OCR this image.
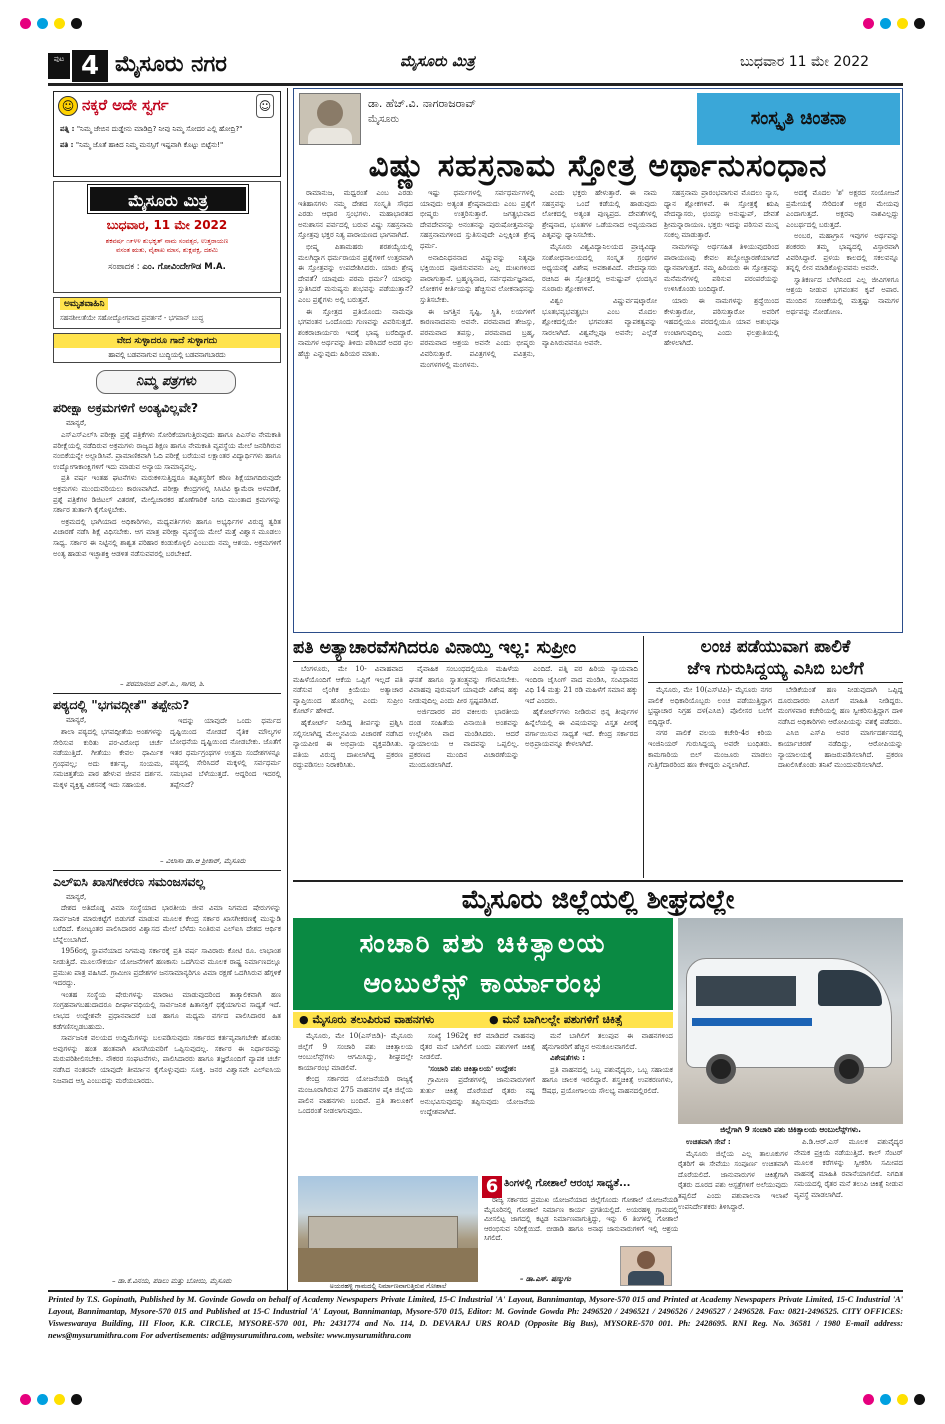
ಪುಟ 4 ಮೈಸೂರು ನಗರ	ಮೈಸೂರು ಮಿತ್ರ	ಬುಧವಾರ 11 ಮೇ 2022
☺ ನಕ್ಕರೆ ಅದೇ ಸ್ವರ್ಗ	☺
ಪತ್ನಿ : "ನಿಮ್ಮ ಜೇಬಿನ ದುಡ್ಡೇನು ಮಾಡಿದ್ರಿ? ನೀವು ನಿಮ್ಮ ಸೋದರ ಎಲ್ಲಿ ಹೋದ್ರಿ?"
ಪತಿ : "ನಿಮ್ಮ ಜೊತೆ ಹಾಕಿದ ನಿಮ್ಮ ಮನಸ್ಸಿಗೆ ಇಷ್ಟವಾಗಿ ಕೊಟ್ಟು ಬಿಟ್ಟೆನು!"
ಮೈಸೂರು ಮಿತ್ರ
ಬುಧವಾರ, 11 ಮೇ 2022
ಶಕವರ್ಷ ೧೯೪೪ ಶುಭಕೃತ್ ನಾಮ ಸಂವತ್ಸರ, ಉತ್ತರಾಯಣ
ವಸಂತ ಋತು, ವೈಶಾಖ ಮಾಸ, ಶುಕ್ಲಪಕ್ಷ, ದಶಮಿ
ಸಂಪಾದಕ : ಎಂ. ಗೋವಿಂದೇಗೌಡ M.A.
ಅಮೃತವಾಹಿನಿ
ಸಹನಶೀಲತೆಯೇ ಸಹೋದ್ಯೋಗವಾದ ಪ್ರವರ್ತನೆ - ಭಗವಾನ್ ಬುದ್ಧ
ವೇದ ಸುಳ್ಳಾದರೂ ಗಾದೆ ಸುಳ್ಳಾಗದು
ಹಾವಲ್ಲಿ ಬಡವನಾಗುವ ಬುದ್ಧಿಯಲ್ಲಿ ಬಡವನಾಗಬಾರದು
ನಿಮ್ಮ ಪತ್ರಗಳು
ಪರೀಕ್ಷಾ ಅಕ್ರಮಗಳಿಗೆ ಅಂತ್ಯವಿಲ್ಲವೇ?
ಮಾನ್ಯರೆ,

ಎಸ್ಎಸ್ಎಲ್‌ಸಿ ಪರೀಕ್ಷಾ ಪ್ರಶ್ನೆ ಪತ್ರಿಕೆಗಳು ಸೋರಿಕೆಯಾಗುತ್ತಿರುವುದು ಹಾಗೂ ಪಿಎಸ್‌ಐ ನೇಮಕಾತಿ ಪರೀಕ್ಷೆಯಲ್ಲಿ ನಡೆದಿರುವ ಅಕ್ರಮಗಳು ರಾಜ್ಯದ ಶಿಕ್ಷಣ ಹಾಗೂ ನೇಮಕಾತಿ ವ್ಯವಸ್ಥೆಯ ಮೇಲೆ ಜನರಿಗಿರುವ ನಂಬಿಕೆಯನ್ನೇ ಅಲ್ಲಾಡಿಸಿವೆ. ಪ್ರಾಮಾಣಿಕವಾಗಿ ಓದಿ ಪರೀಕ್ಷೆ ಬರೆಯುವ ಲಕ್ಷಾಂತರ ವಿದ್ಯಾರ್ಥಿಗಳು ಹಾಗೂ ಉದ್ಯೋಗಾಕಾಂಕ್ಷಿಗಳಿಗೆ ಇದು ಮಾಡುವ ಅನ್ಯಾಯ ಸಾಮಾನ್ಯವಲ್ಲ.

ಪ್ರತಿ ವರ್ಷ ಇಂತಹ ಘಟನೆಗಳು ಮರುಕಳಿಸುತ್ತಿದ್ದರೂ ತಪ್ಪಿತಸ್ಥರಿಗೆ ಕಠಿಣ ಶಿಕ್ಷೆಯಾಗದಿರುವುದೇ ಅಕ್ರಮಗಳು ಮುಂದುವರಿಯಲು ಕಾರಣವಾಗಿದೆ. ಪರೀಕ್ಷಾ ಕೇಂದ್ರಗಳಲ್ಲಿ ಸಿಸಿಟಿವಿ ಕ್ಯಾಮೆರಾ ಅಳವಡಿಕೆ, ಪ್ರಶ್ನೆ ಪತ್ರಿಕೆಗಳ ಡಿಜಿಟಲ್ ವಿತರಣೆ, ಮೇಲ್ವಿಚಾರಕರ ಹೊಣೆಗಾರಿಕೆ ನಿಗದಿ ಮುಂತಾದ ಕ್ರಮಗಳನ್ನು ಸರ್ಕಾರ ತುರ್ತಾಗಿ ಕೈಗೊಳ್ಳಬೇಕು.

ಅಕ್ರಮದಲ್ಲಿ ಭಾಗಿಯಾದ ಅಧಿಕಾರಿಗಳು, ಮಧ್ಯವರ್ತಿಗಳು ಹಾಗೂ ಅಭ್ಯರ್ಥಿಗಳ ವಿರುದ್ಧ ತ್ವರಿತ ವಿಚಾರಣೆ ನಡೆಸಿ ಶಿಕ್ಷೆ ವಿಧಿಸಬೇಕು. ಆಗ ಮಾತ್ರ ಪರೀಕ್ಷಾ ವ್ಯವಸ್ಥೆಯ ಮೇಲೆ ಮತ್ತೆ ವಿಶ್ವಾಸ ಮೂಡಲು ಸಾಧ್ಯ. ಸರ್ಕಾರ ಈ ನಿಟ್ಟಿನಲ್ಲಿ ಶಾಶ್ವತ ಪರಿಹಾರ ಕಂಡುಕೊಳ್ಳಲಿ ಎಂಬುದು ನಮ್ಮ ಆಶಯ. ಅಕ್ರಮಗಳಿಗೆ ಅಂತ್ಯ ಹಾಡುವ ಇಚ್ಛಾಶಕ್ತಿ ಆಡಳಿತ ನಡೆಸುವವರಲ್ಲಿ ಬರಬೇಕಿದೆ.

– ಪರಮಾನಂದ ಎನ್.ಪಿ., ಸಾಗರ, ಶಿ.
ಪಠ್ಯದಲ್ಲಿ "ಭಗವದ್ಗೀತೆ" ತಪ್ಪೇನು?
ಮಾನ್ಯರೆ,

ಶಾಲಾ ಪಠ್ಯದಲ್ಲಿ ಭಗವದ್ಗೀತೆಯ ಅಂಶಗಳನ್ನು ಸೇರಿಸುವ ಕುರಿತು ಪರ-ವಿರೋಧ ಚರ್ಚೆ ನಡೆಯುತ್ತಿದೆ. ಗೀತೆಯು ಕೇವಲ ಧಾರ್ಮಿಕ ಗ್ರಂಥವಲ್ಲ; ಅದು ಕರ್ತವ್ಯ, ಸಂಯಮ, ಸಮಚಿತ್ತತೆಯ ಪಾಠ ಹೇಳುವ ಜೀವನ ದರ್ಶನ. ಮಕ್ಕಳ ವ್ಯಕ್ತಿತ್ವ ವಿಕಸನಕ್ಕೆ ಇದು ಸಹಾಯಕ.

ಇದನ್ನು ಯಾವುದೇ ಒಂದು ಧರ್ಮದ ದೃಷ್ಟಿಯಿಂದ ನೋಡದೆ ನೈತಿಕ ಮೌಲ್ಯಗಳ ಬೋಧನೆಯ ದೃಷ್ಟಿಯಿಂದ ನೋಡಬೇಕು. ಜೊತೆಗೆ ಇತರ ಧರ್ಮಗ್ರಂಥಗಳ ಉತ್ತಮ ಸಂದೇಶಗಳನ್ನೂ ಪಠ್ಯದಲ್ಲಿ ಸೇರಿಸಿದರೆ ಮಕ್ಕಳಲ್ಲಿ ಸರ್ವಧರ್ಮ ಸಮಭಾವ ಬೆಳೆಯುತ್ತದೆ. ಆದ್ದರಿಂದ ಇದರಲ್ಲಿ ತಪ್ಪೇನಿದೆ?

– ವಿಲಾಸಾ ಡಾ.ಆ ಶ್ರೀಕಾರ್, ಮೈಸೂರು
ಎಲ್ಐಸಿ ಖಾಸಗೀಕರಣ ಸಮಂಜಸವಲ್ಲ
ಮಾನ್ಯರೆ,

ದೇಶದ ಅತಿದೊಡ್ಡ ವಿಮಾ ಸಂಸ್ಥೆಯಾದ ಭಾರತೀಯ ಜೀವ ವಿಮಾ ನಿಗಮದ ಷೇರುಗಳನ್ನು ಸಾರ್ವಜನಿಕ ಮಾರುಕಟ್ಟೆಗೆ ಬಿಡುಗಡೆ ಮಾಡುವ ಮೂಲಕ ಕೇಂದ್ರ ಸರ್ಕಾರ ಖಾಸಗೀಕರಣಕ್ಕೆ ಮುನ್ನುಡಿ ಬರೆದಿದೆ. ಕೋಟ್ಯಂತರ ಪಾಲಿಸಿದಾರರ ವಿಶ್ವಾಸದ ಮೇಲೆ ಬೆಳೆದು ನಿಂತಿರುವ ಎಲ್ಐಸಿ ದೇಶದ ಆರ್ಥಿಕ ಬೆನ್ನೆಲುಬಾಗಿದೆ.

1956ರಲ್ಲಿ ಸ್ಥಾಪನೆಯಾದ ನಿಗಮವು ಸರ್ಕಾರಕ್ಕೆ ಪ್ರತಿ ವರ್ಷ ಸಾವಿರಾರು ಕೋಟಿ ರೂ. ಲಾಭಾಂಶ ನೀಡುತ್ತಿದೆ. ಮೂಲಸೌಕರ್ಯ ಯೋಜನೆಗಳಿಗೆ ಹಣಕಾಸು ಒದಗಿಸುವ ಮೂಲಕ ರಾಷ್ಟ್ರ ನಿರ್ಮಾಣದಲ್ಲೂ ಪ್ರಮುಖ ಪಾತ್ರ ವಹಿಸಿದೆ. ಗ್ರಾಮೀಣ ಪ್ರದೇಶಗಳ ಜನಸಾಮಾನ್ಯರಿಗೂ ವಿಮಾ ರಕ್ಷಣೆ ಒದಗಿಸಿರುವ ಹೆಗ್ಗಳಿಕೆ ಇದರದ್ದು.

ಇಂತಹ ಸಂಸ್ಥೆಯ ಷೇರುಗಳನ್ನು ಮಾರಾಟ ಮಾಡುವುದರಿಂದ ತಾತ್ಕಾಲಿಕವಾಗಿ ಹಣ ಸಂಗ್ರಹವಾಗಬಹುದಾದರೂ ದೀರ್ಘಾವಧಿಯಲ್ಲಿ ಸಾರ್ವಜನಿಕ ಹಿತಾಸಕ್ತಿಗೆ ಧಕ್ಕೆಯಾಗುವ ಸಾಧ್ಯತೆ ಇದೆ. ಲಾಭದ ಉದ್ದೇಶವೇ ಪ್ರಧಾನವಾದರೆ ಬಡ ಹಾಗೂ ಮಧ್ಯಮ ವರ್ಗದ ಪಾಲಿಸಿದಾರರ ಹಿತ ಕಡೆಗಣಿಸಲ್ಪಡಬಹುದು.

ಸಾರ್ವಜನಿಕ ವಲಯದ ಉದ್ದಿಮೆಗಳನ್ನು ಬಲಪಡಿಸುವುದು ಸರ್ಕಾರದ ಕರ್ತವ್ಯವಾಗಬೇಕೇ ಹೊರತು ಅವುಗಳನ್ನು ಹಂತ ಹಂತವಾಗಿ ಖಾಸಗಿಯವರಿಗೆ ಒಪ್ಪಿಸುವುದಲ್ಲ. ಸರ್ಕಾರ ಈ ನಿರ್ಧಾರವನ್ನು ಮರುಪರಿಶೀಲಿಸಬೇಕು. ನೌಕರರ ಸಂಘಟನೆಗಳು, ಪಾಲಿಸಿದಾರರು ಹಾಗೂ ತಜ್ಞರೊಂದಿಗೆ ವ್ಯಾಪಕ ಚರ್ಚೆ ನಡೆಸಿದ ನಂತರವೇ ಯಾವುದೇ ತೀರ್ಮಾನ ಕೈಗೊಳ್ಳುವುದು ಸೂಕ್ತ. ಜನರ ವಿಶ್ವಾಸವೇ ಎಲ್ಐಸಿಯ ನಿಜವಾದ ಆಸ್ತಿ ಎಂಬುದನ್ನು ಮರೆಯಬಾರದು.

– ಡಾ.ಕೆ.ವಿನಯ, ಪಡಿಲು ಮತ್ತು ಬೋಯಿ, ಮೈಸೂರು
ಡಾ. ಹೆಚ್.ವಿ. ನಾಗರಾಜರಾವ್
ಮೈಸೂರು	ಸಂಸ್ಕೃತಿ ಚಿಂತನಾ
ವಿಷ್ಣು ಸಹಸ್ರನಾಮ ಸ್ತೋತ್ರ ಅರ್ಥಾನುಸಂಧಾನ

ರಾಮಾನುಜ, ಮಧ್ವರಂತೆ ಎಂಬ ಎರಡು ಇತಿಹಾಸಗಳು ನಮ್ಮ ದೇಶದ ಸಂಸ್ಕೃತಿ ಸೌಧದ ಎರಡು ಆಧಾರ ಸ್ತಂಭಗಳು. ಮಹಾಭಾರತದ ಅನುಶಾಸನ ಪರ್ವದಲ್ಲಿ ಬರುವ ವಿಷ್ಣು ಸಹಸ್ರನಾಮ ಸ್ತೋತ್ರವು ಭಕ್ತರ ನಿತ್ಯ ಪಾರಾಯಣದ ಭಾಗವಾಗಿದೆ.

ಭೀಷ್ಮ ಪಿತಾಮಹರು ಶರಶಯ್ಯೆಯಲ್ಲಿ ಮಲಗಿದ್ದಾಗ ಧರ್ಮರಾಯನ ಪ್ರಶ್ನೆಗಳಿಗೆ ಉತ್ತರವಾಗಿ ಈ ಸ್ತೋತ್ರವನ್ನು ಉಪದೇಶಿಸಿದರು. ಯಾರು ಶ್ರೇಷ್ಠ ದೇವತೆ? ಯಾವುದು ಪರಮ ಧರ್ಮ? ಯಾರನ್ನು ಸ್ತುತಿಸಿದರೆ ಮನುಷ್ಯನು ಶುಭವನ್ನು ಪಡೆಯುತ್ತಾನೆ? ಎಂಬ ಪ್ರಶ್ನೆಗಳು ಅಲ್ಲಿ ಬರುತ್ತವೆ.

ಈ ಸ್ತೋತ್ರದ ಪ್ರತಿಯೊಂದು ನಾಮವೂ ಭಗವಂತನ ಒಂದೊಂದು ಗುಣವನ್ನು ವಿವರಿಸುತ್ತದೆ. ಶಂಕರಾಚಾರ್ಯರು ಇದಕ್ಕೆ ಭಾಷ್ಯ ಬರೆದಿದ್ದಾರೆ. ನಾಮಗಳ ಅರ್ಥವನ್ನು ತಿಳಿದು ಪಠಿಸಿದರೆ ಅದರ ಫಲ ಹೆಚ್ಚು ಎನ್ನುವುದು ಹಿರಿಯರ ಮಾತು.

ಇಷ್ಟು ಧರ್ಮಗಳಲ್ಲಿ ಸರ್ವಧರ್ಮಗಳಲ್ಲಿ ಯಾವುದು ಅತ್ಯಂತ ಶ್ರೇಷ್ಠವಾದುದು ಎಂಬ ಪ್ರಶ್ನೆಗೆ ಭೀಷ್ಮರು ಉತ್ತರಿಸುತ್ತಾರೆ. ಜಗತ್ಪ್ರಭುವಾದ ದೇವದೇವನನ್ನು ಅನಂತನನ್ನು ಪುರುಷೋತ್ತಮನನ್ನು ಸಹಸ್ರನಾಮಗಳಿಂದ ಸ್ತುತಿಸುವುದೇ ಎಲ್ಲಕ್ಕಿಂತ ಶ್ರೇಷ್ಠ ಧರ್ಮ.

ಅನಾದಿನಿಧನನಾದ ವಿಷ್ಣುವನ್ನು ನಿತ್ಯವೂ ಭಕ್ತಿಯಿಂದ ಪೂಜಿಸುವವನು ಎಲ್ಲ ದುಃಖಗಳಿಂದ ಪಾರಾಗುತ್ತಾನೆ. ಬ್ರಹ್ಮಣ್ಯನಾದ, ಸರ್ವಧರ್ಮಜ್ಞನಾದ, ಲೋಕಗಳ ಕೀರ್ತಿಯನ್ನು ಹೆಚ್ಚಿಸುವ ಲೋಕನಾಥನನ್ನು ಸ್ತುತಿಸಬೇಕು.

ಈ ಜಗತ್ತಿನ ಸೃಷ್ಟಿ, ಸ್ಥಿತಿ, ಲಯಗಳಿಗೆ ಕಾರಣನಾದವನು ಅವನೇ. ಪರಮವಾದ ತೇಜಸ್ಸು, ಪರಮವಾದ ತಪಸ್ಸು, ಪರಮವಾದ ಬ್ರಹ್ಮ, ಪರಮವಾದ ಆಶ್ರಯ ಅವನೇ ಎಂದು ಭೀಷ್ಮರು ವಿವರಿಸುತ್ತಾರೆ. ಪವಿತ್ರಗಳಲ್ಲಿ ಪವಿತ್ರನು, ಮಂಗಳಗಳಲ್ಲಿ ಮಂಗಳನು.

ಎಂದು ಭಕ್ತರು ಹೇಳುತ್ತಾರೆ. ಈ ನಾಮ ಸಹಸ್ರವನ್ನು ಒಂದೆ ಕಡೆಯಲ್ಲಿ ಹಾಡುವುದು ಲೋಕದಲ್ಲಿ ಅತ್ಯಂತ ಪುಣ್ಯಪ್ರದ. ದೇವತೆಗಳಲ್ಲಿ ಶ್ರೇಷ್ಠನಾದ, ಭೂತಗಳ ಒಡೆಯನಾದ ಅವ್ಯಯನಾದ ಪಿತೃವನ್ನು ಧ್ಯಾನಿಸಬೇಕು.

ಮೈಸೂರು ವಿಶ್ವವಿದ್ಯಾನಿಲಯದ ಪ್ರಾಚ್ಯವಿದ್ಯಾ ಸಂಶೋಧನಾಲಯದಲ್ಲಿ ಸಂಸ್ಕೃತ ಗ್ರಂಥಗಳ ಅಧ್ಯಯನಕ್ಕೆ ವಿಶೇಷ ಅವಕಾಶವಿದೆ. ವೇದವ್ಯಾಸರು ರಚಿಸಿದ ಈ ಸ್ತೋತ್ರದಲ್ಲಿ ಅನುಷ್ಟುಪ್ ಛಂದಸ್ಸಿನ ನೂರಾರು ಶ್ಲೋಕಗಳಿವೆ.

ವಿಶ್ವಂ ವಿಷ್ಣುರ್ವಷಟ್ಕಾರೋ ಭೂತಭವ್ಯಭವತ್ಪ್ರಭುಃ ಎಂಬ ಮೊದಲ ಶ್ಲೋಕದಲ್ಲಿಯೇ ಭಗವಂತನ ವ್ಯಾಪಕತ್ವವನ್ನು ಸಾರಲಾಗಿದೆ. ವಿಶ್ವವೆಲ್ಲವೂ ಅವನೇ; ಎಲ್ಲೆಡೆ ವ್ಯಾಪಿಸಿರುವವನೂ ಅವನೇ.

ಸಹಸ್ರನಾಮ ಪ್ರಾರಂಭವಾಗುವ ಮೊದಲು ನ್ಯಾಸ, ಧ್ಯಾನ ಶ್ಲೋಕಗಳಿವೆ. ಈ ಸ್ತೋತ್ರಕ್ಕೆ ಋಷಿ ವೇದವ್ಯಾಸರು, ಛಂದಸ್ಸು ಅನುಷ್ಟುಪ್, ದೇವತೆ ಶ್ರೀಮನ್ನಾರಾಯಣ. ಭಕ್ತರು ಇದನ್ನು ಪಠಿಸುವ ಮುನ್ನ ಸಂಕಲ್ಪ ಮಾಡುತ್ತಾರೆ.

ನಾಮಗಳನ್ನು ಅರ್ಥಸಹಿತ ತಿಳಿಯುವುದರಿಂದ ಪಾರಾಯಣವು ಕೇವಲ ಶಬ್ದೋಚ್ಚಾರಣೆಯಾಗದೆ ಧ್ಯಾನವಾಗುತ್ತದೆ. ನಮ್ಮ ಹಿರಿಯರು ಈ ಸ್ತೋತ್ರವನ್ನು ಮನೆಮನೆಗಳಲ್ಲಿ ಪಠಿಸುವ ಪರಂಪರೆಯನ್ನು ಉಳಿಸಿಕೊಂಡು ಬಂದಿದ್ದಾರೆ.

ಯಾರು ಈ ನಾಮಗಳನ್ನು ಶ್ರದ್ಧೆಯಿಂದ ಕೇಳುತ್ತಾರೋ, ಪಠಿಸುತ್ತಾರೋ ಅವರಿಗೆ ಇಹದಲ್ಲಿಯೂ ಪರದಲ್ಲಿಯೂ ಯಾವ ಅಶುಭವೂ ಉಂಟಾಗುವುದಿಲ್ಲ ಎಂದು ಫಲಶ್ರುತಿಯಲ್ಲಿ ಹೇಳಲಾಗಿದೆ.

ಅದಕ್ಕೆ ಮೊದಲ 'ಶ' ಅಕ್ಷರದ ಸಂಯೋಜನೆ ಪ್ರಮೇಯಕ್ಕೆ ಸೇರಿದಂತೆ ಅಕ್ಷರ ಮೇಯವು ಎಂದಾಗುತ್ತದೆ. ಅಕ್ಷರವು ನಾಶವಿಲ್ಲದ್ದು ಎಂಬರ್ಥದಲ್ಲಿ ಬರುತ್ತದೆ.

ಅಂಬರ, ಮಹಾಗ್ರಾಸ ಇವುಗಳ ಅರ್ಥವನ್ನು ಶಂಕರರು ತಮ್ಮ ಭಾಷ್ಯದಲ್ಲಿ ವಿಸ್ತಾರವಾಗಿ ವಿವರಿಸಿದ್ದಾರೆ. ಪ್ರಳಯ ಕಾಲದಲ್ಲಿ ಸಕಲವನ್ನೂ ತನ್ನಲ್ಲಿ ಲೀನ ಮಾಡಿಕೊಳ್ಳುವವನು ಅವನೇ.

ಸ್ವಾತಿಕರ್ಣದ ಬೆಳಗಿನಿಂದ ಎಲ್ಲ ಜೀವಿಗಳಿಗೂ ಆಶ್ರಯ ನೀಡುವ ಭಗವಂತನ ಕೃಪೆ ಅಪಾರ. ಮುಂದಿನ ಸಂಚಿಕೆಯಲ್ಲಿ ಮತ್ತಷ್ಟು ನಾಮಗಳ ಅರ್ಥವನ್ನು ನೋಡೋಣ.

ಪತಿ ಅತ್ಯಾಚಾರವೆಸಗಿದರೂ ವಿನಾಯ್ತಿ ಇಲ್ಲ: ಸುಪ್ರೀಂ

ಬೆಂಗಳೂರು, ಮೇ 10- ವಿವಾಹವಾದ ಮಹಿಳೆಯೊಂದಿಗೆ ಆಕೆಯ ಒಪ್ಪಿಗೆ ಇಲ್ಲದೆ ಪತಿ ನಡೆಸುವ ಲೈಂಗಿಕ ಕ್ರಿಯೆಯು ಅತ್ಯಾಚಾರ ವ್ಯಾಪ್ತಿಯಿಂದ ಹೊರಗಿಲ್ಲ ಎಂದು ಸುಪ್ರೀಂ ಕೋರ್ಟ್ ಹೇಳಿದೆ.

ಹೈಕೋರ್ಟ್ ನೀಡಿದ್ದ ತೀರ್ಪನ್ನು ಪ್ರಶ್ನಿಸಿ ಸಲ್ಲಿಸಲಾಗಿದ್ದ ಮೇಲ್ಮನವಿಯ ವಿಚಾರಣೆ ನಡೆಸಿದ ನ್ಯಾಯಪೀಠ ಈ ಅಭಿಪ್ರಾಯ ವ್ಯಕ್ತಪಡಿಸಿತು. ಪತಿಯ ವಿರುದ್ಧ ದಾಖಲಾಗಿದ್ದ ಪ್ರಕರಣ ರದ್ದುಪಡಿಸಲು ನಿರಾಕರಿಸಿತು.

ವೈವಾಹಿಕ ಸಂಬಂಧದಲ್ಲಿಯೂ ಮಹಿಳೆಯ ಘನತೆ ಹಾಗೂ ಸ್ವಾತಂತ್ರ್ಯವನ್ನು ಗೌರವಿಸಬೇಕು. ವಿವಾಹವು ಪುರುಷನಿಗೆ ಯಾವುದೇ ವಿಶೇಷ ಹಕ್ಕು ನೀಡುವುದಿಲ್ಲ ಎಂದು ಪೀಠ ಸ್ಪಷ್ಟಪಡಿಸಿದೆ.

ಅರ್ಜಿದಾರರ ಪರ ವಕೀಲರು ಭಾರತೀಯ ದಂಡ ಸಂಹಿತೆಯ ವಿನಾಯಿತಿ ಅಂಶವನ್ನು ಉಲ್ಲೇಖಿಸಿ ವಾದ ಮಂಡಿಸಿದರು. ಆದರೆ ನ್ಯಾಯಾಲಯ ಆ ವಾದವನ್ನು ಒಪ್ಪಲಿಲ್ಲ. ಪ್ರಕರಣದ ಮುಂದಿನ ವಿಚಾರಣೆಯನ್ನು ಮುಂದೂಡಲಾಗಿದೆ.

ಎಂದಿದೆ. ಪತ್ನಿ ಪರ ಹಿರಿಯ ನ್ಯಾಯವಾದಿ ಇಂದಿರಾ ಜೈಸಿಂಗ್ ವಾದ ಮಂಡಿಸಿ, ಸಂವಿಧಾನದ ವಿಧಿ 14 ಮತ್ತು 21 ರಡಿ ಮಹಿಳೆಗೆ ಸಮಾನ ಹಕ್ಕು ಇದೆ ಎಂದರು.

ಹೈಕೋರ್ಟ್‌ಗಳು ನೀಡಿರುವ ಭಿನ್ನ ತೀರ್ಪುಗಳ ಹಿನ್ನೆಲೆಯಲ್ಲಿ ಈ ವಿಷಯವನ್ನು ವಿಸ್ತೃತ ಪೀಠಕ್ಕೆ ವರ್ಗಾಯಿಸುವ ಸಾಧ್ಯತೆ ಇದೆ. ಕೇಂದ್ರ ಸರ್ಕಾರದ ಅಭಿಪ್ರಾಯವನ್ನೂ ಕೇಳಲಾಗಿದೆ.

ಲಂಚ ಪಡೆಯುವಾಗ ಪಾಲಿಕೆ
ಜೆಇ ಗುರುಸಿದ್ದಯ್ಯ ಎಸಿಬಿ ಬಲೆಗೆ

ಮೈಸೂರು, ಮೇ 10(ಎಸ್‌ಟಿಪಿ)- ಮೈಸೂರು ನಗರ ಪಾಲಿಕೆ ಅಧಿಕಾರಿಯೊಬ್ಬರು ಲಂಚ ಪಡೆಯುತ್ತಿದ್ದಾಗ ಭ್ರಷ್ಟಾಚಾರ ನಿಗ್ರಹ ದಳ(ಎಸಿಬಿ) ಪೊಲೀಸರ ಬಲೆಗೆ ಬಿದ್ದಿದ್ದಾರೆ.

ನಗರ ಪಾಲಿಕೆ ವಲಯ ಕಚೇರಿ-4ರ ಕಿರಿಯ ಇಂಜಿನಿಯರ್ ಗುರುಸಿದ್ದಯ್ಯ ಅವರೇ ಬಂಧಿತರು. ಕಾಮಗಾರಿಯ ಬಿಲ್ ಮಂಜೂರು ಮಾಡಲು ಗುತ್ತಿಗೆದಾರರಿಂದ ಹಣ ಕೇಳಿದ್ದರು ಎನ್ನಲಾಗಿದೆ.

ಬೇಡಿಕೆಯಂತೆ ಹಣ ನೀಡುವುದಾಗಿ ಒಪ್ಪಿದ್ದ ದೂರುದಾರರು ಎಸಿಬಿಗೆ ಮಾಹಿತಿ ನೀಡಿದ್ದರು. ಮಂಗಳವಾರ ಕಚೇರಿಯಲ್ಲಿ ಹಣ ಸ್ವೀಕರಿಸುತ್ತಿದ್ದಾಗ ದಾಳಿ ನಡೆಸಿದ ಅಧಿಕಾರಿಗಳು ಆರೋಪಿಯನ್ನು ವಶಕ್ಕೆ ಪಡೆದರು.

ಎಸಿಬಿ ಎಸ್‌ಪಿ ಅವರ ಮಾರ್ಗದರ್ಶನದಲ್ಲಿ ಕಾರ್ಯಾಚರಣೆ ನಡೆದಿದ್ದು, ಆರೋಪಿಯನ್ನು ನ್ಯಾಯಾಲಯಕ್ಕೆ ಹಾಜರುಪಡಿಸಲಾಗಿದೆ. ಪ್ರಕರಣ ದಾಖಲಿಸಿಕೊಂಡು ತನಿಖೆ ಮುಂದುವರಿಸಲಾಗಿದೆ.

ಮೈಸೂರು ಜಿಲ್ಲೆಯಲ್ಲಿ ಶೀಘ್ರದಲ್ಲೇ
ಸಂಚಾರಿ ಪಶು ಚಿಕಿತ್ಸಾಲಯ
ಆಂಬುಲೆನ್ಸ್ ಕಾರ್ಯಾರಂಭ
ಜಿಲ್ಲೆಗಾಗಿ 9 ಸಂಚಾರಿ ಪಶು ಚಿಕಿತ್ಸಾಲಯ ಆಂಬುಲೆನ್ಸ್‌ಗಳು.
● ಮೈಸೂರು ತಲುಪಿರುವ ವಾಹನಗಳು	● ಮನೆ ಬಾಗಿಲಲ್ಲೇ ಪಶುಗಳಿಗೆ ಚಿಕಿತ್ಸೆ

ಮೈಸೂರು, ಮೇ 10(ಎಸ್‌ಬಿಡಿ)- ಮೈಸೂರು ಜಿಲ್ಲೆಗೆ 9 ಸಂಚಾರಿ ಪಶು ಚಿಕಿತ್ಸಾಲಯ ಆಂಬುಲೆನ್ಸ್‌ಗಳು ಆಗಮಿಸಿದ್ದು, ಶೀಘ್ರದಲ್ಲೇ ಕಾರ್ಯಾರಂಭ ಮಾಡಲಿವೆ.

ಕೇಂದ್ರ ಸರ್ಕಾರದ ಯೋಜನೆಯಡಿ ರಾಜ್ಯಕ್ಕೆ ಮಂಜೂರಾಗಿರುವ 275 ವಾಹನಗಳ ಪೈಕಿ ಜಿಲ್ಲೆಯ ಪಾಲಿನ ವಾಹನಗಳು ಬಂದಿವೆ. ಪ್ರತಿ ತಾಲೂಕಿಗೆ ಒಂದರಂತೆ ನೀಡಲಾಗುವುದು.

ಸಂಖ್ಯೆ 1962ಕ್ಕೆ ಕರೆ ಮಾಡಿದರೆ ವಾಹನವು ರೈತರ ಮನೆ ಬಾಗಿಲಿಗೆ ಬಂದು ಪಶುಗಳಿಗೆ ಚಿಕಿತ್ಸೆ ನೀಡಲಿದೆ.

'ಸಂಚಾರಿ ಪಶು ಚಿಕಿತ್ಸಾಲಯ' ಉದ್ದೇಶ:

ಗ್ರಾಮೀಣ ಪ್ರದೇಶಗಳಲ್ಲಿ ಜಾನುವಾರುಗಳಿಗೆ ತುರ್ತು ಚಿಕಿತ್ಸೆ ದೊರೆಯದೆ ರೈತರು ನಷ್ಟ ಅನುಭವಿಸುವುದನ್ನು ತಪ್ಪಿಸುವುದು ಯೋಜನೆಯ ಉದ್ದೇಶವಾಗಿದೆ.

ಮನೆ ಬಾಗಿಲಿಗೆ ತಲುಪುವ ಈ ವಾಹನಗಳಿಂದ ಹೈನುಗಾರರಿಗೆ ಹೆಚ್ಚಿನ ಅನುಕೂಲವಾಗಲಿದೆ.

ವಿಶೇಷತೆಗಳು :

ಪ್ರತಿ ವಾಹನದಲ್ಲಿ ಒಬ್ಬ ಪಶುವೈದ್ಯರು, ಒಬ್ಬ ಸಹಾಯಕ ಹಾಗೂ ಚಾಲಕ ಇರಲಿದ್ದಾರೆ. ಶಸ್ತ್ರಚಿಕಿತ್ಸೆ ಉಪಕರಣಗಳು, ಔಷಧ, ಪ್ರಯೋಗಾಲಯ ಸೌಲಭ್ಯ ವಾಹನದಲ್ಲಿರಲಿದೆ.

ಉಚಿತವಾಗಿ ಸೇವೆ :

ಮೈಸೂರು ಜಿಲ್ಲೆಯ ಎಲ್ಲ ತಾಲೂಕುಗಳ ರೈತರಿಗೆ ಈ ಸೇವೆಯು ಸಂಪೂರ್ಣ ಉಚಿತವಾಗಿ ದೊರೆಯಲಿದೆ. ಜಾನುವಾರುಗಳ ಚಿಕಿತ್ಸೆಗಾಗಿ ರೈತರು ದೂರದ ಪಶು ಆಸ್ಪತ್ರೆಗಳಿಗೆ ಅಲೆಯುವುದು ತಪ್ಪಲಿದೆ ಎಂದು ಪಶುಪಾಲನಾ ಇಲಾಖೆ ಉಪನಿರ್ದೇಶಕರು ತಿಳಿಸಿದ್ದಾರೆ.

ಪಿ.ಡಿ.ಆರ್.ಎಸ್ ಮೂಲಕ ಪಶುವೈದ್ಯರ ನೇಮಕ ಪ್ರಕ್ರಿಯೆ ನಡೆಯುತ್ತಿದೆ. ಕಾಲ್ ಸೆಂಟರ್ ಮೂಲಕ ಕರೆಗಳನ್ನು ಸ್ವೀಕರಿಸಿ ಸಮೀಪದ ವಾಹನಕ್ಕೆ ಮಾಹಿತಿ ರವಾನೆಯಾಗಲಿದೆ. ನಿಗದಿತ ಸಮಯದಲ್ಲಿ ರೈತರ ಮನೆ ತಲುಪಿ ಚಿಕಿತ್ಸೆ ನೀಡುವ ವ್ಯವಸ್ಥೆ ಮಾಡಲಾಗಿದೆ.

ಅಯರಹಳ್ಳಿ ಗ್ರಾಮದಲ್ಲಿ ನಿರ್ಮಾಣವಾಗುತ್ತಿರುವ ಗೋಶಾಲೆ
6 ತಿಂಗಳಲ್ಲಿ ಗೋಶಾಲೆ ಆರಂಭ ಸಾಧ್ಯತೆ...

ರಾಜ್ಯ ಸರ್ಕಾರದ ಪ್ರಮುಖ ಯೋಜನೆಯಾದ ಜಿಲ್ಲೆಗೊಂದು ಗೋಶಾಲೆ ಯೋಜನೆಯಡಿ ಮೈಸೂರಿನಲ್ಲಿ ಗೋಶಾಲೆ ನಿರ್ಮಾಣ ಕಾರ್ಯ ಪ್ರಗತಿಯಲ್ಲಿದೆ. ಅಯರಹಳ್ಳಿ ಗ್ರಾಮದಲ್ಲಿ ಮೀಸಲಿಟ್ಟ ಜಾಗದಲ್ಲಿ ಕಟ್ಟಡ ನಿರ್ಮಾಣವಾಗುತ್ತಿದ್ದು, ಇನ್ನು 6 ತಿಂಗಳಲ್ಲಿ ಗೋಶಾಲೆ ಆರಂಭಿಸುವ ನಿರೀಕ್ಷೆಯಿದೆ. ಬೀಡಾಡಿ ಹಾಗೂ ಅನಾಥ ಜಾನುವಾರುಗಳಿಗೆ ಇಲ್ಲಿ ಆಶ್ರಯ ಸಿಗಲಿದೆ.

– ಡಾ.ಎಸ್. ಷಣ್ಮುಗಂ
Printed by T.S. Gopinath, Published by M. Govinde Gowda on behalf of Academy Newspapers Private Limited, 15-C Industrial 'A' Layout, Bannimantap, Mysore-570 015 and Printed at Academy Newspapers Private Limited, 15-C Industrial 'A' Layout, Bannimantap, Mysore-570 015 and Published at 15-C Industrial 'A' Layout, Bannimantap, Mysore-570 015, Editor: M. Govinde Gowda Ph: 2496520 / 2496521 / 2496526 / 2496527 / 2496528. Fax: 0821-2496525. CITY OFFICES: Visweswaraya Building, III Floor, K.R. CIRCLE, MYSORE-570 001, Ph: 2431774 and No. 114, D. DEVARAJ URS ROAD (Opposite Big Bus), MYSORE-570 001. Ph: 2428695. RNI Reg. No. 36581 / 1980 E-mail address: news@mysurumithra.com For advertisements: ad@mysurumithra.com, website: www.mysurumithra.com
